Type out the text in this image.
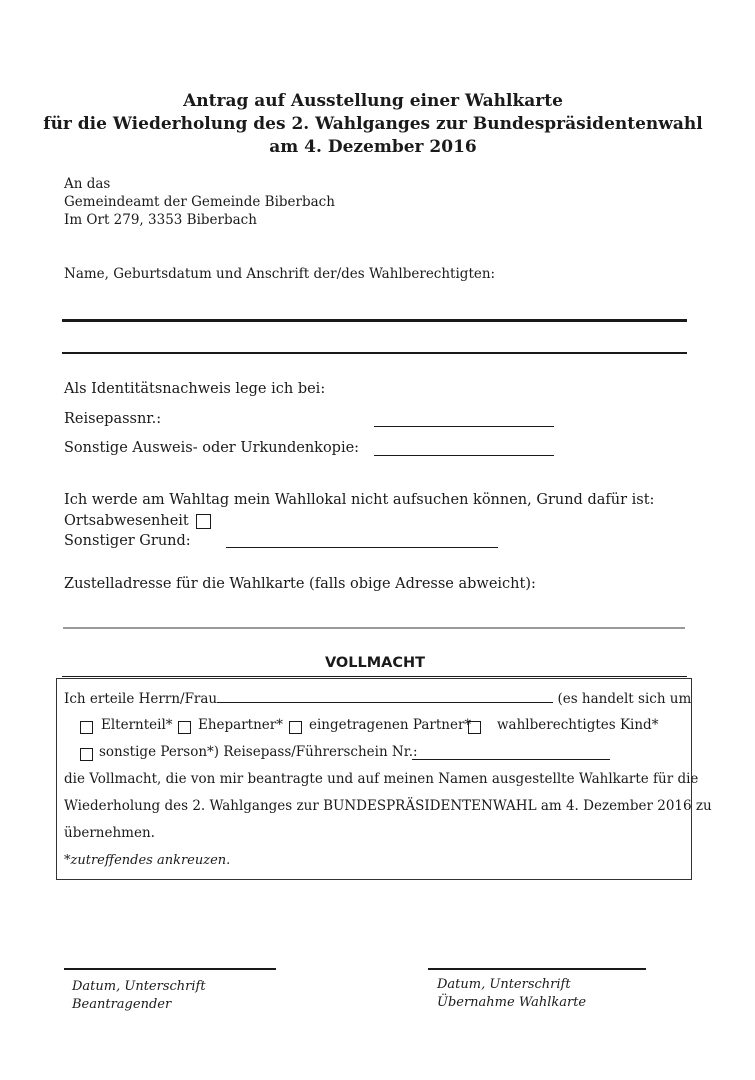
Antrag auf Ausstellung einer Wahlkarte
für die Wiederholung des 2. Wahlganges zur Bundespräsidentenwahl
am 4. Dezember 2016
An das
Gemeindeamt der Gemeinde Biberbach
Im Ort 279, 3353 Biberbach
Name, Geburtsdatum und Anschrift der/des Wahlberechtigten:
Als Identitätsnachweis lege ich bei:
Reisepassnr.:
Sonstige Ausweis- oder Urkundenkopie:
Ich werde am Wahltag mein Wahllokal nicht aufsuchen können, Grund dafür ist:
Ortsabwesenheit
Sonstiger Grund:
Zustelladresse für die Wahlkarte (falls obige Adresse abweicht):
VOLLMACHT
Ich erteile Herrn/Frau	(es handelt sich um
Elternteil* Ehepartner* eingetragenen Partner* wahlberechtigtes Kind*
sonstige Person*) Reisepass/Führerschein Nr.:
die Vollmacht, die von mir beantragte und auf meinen Namen ausgestellte Wahlkarte für die
Wiederholung des 2. Wahlganges zur BUNDESPRÄSIDENTENWAHL am 4. Dezember 2016 zu
übernehmen.
*zutreffendes ankreuzen.
Datum, Unterschrift
Beantragender
Datum, Unterschrift
Übernahme Wahlkarte
